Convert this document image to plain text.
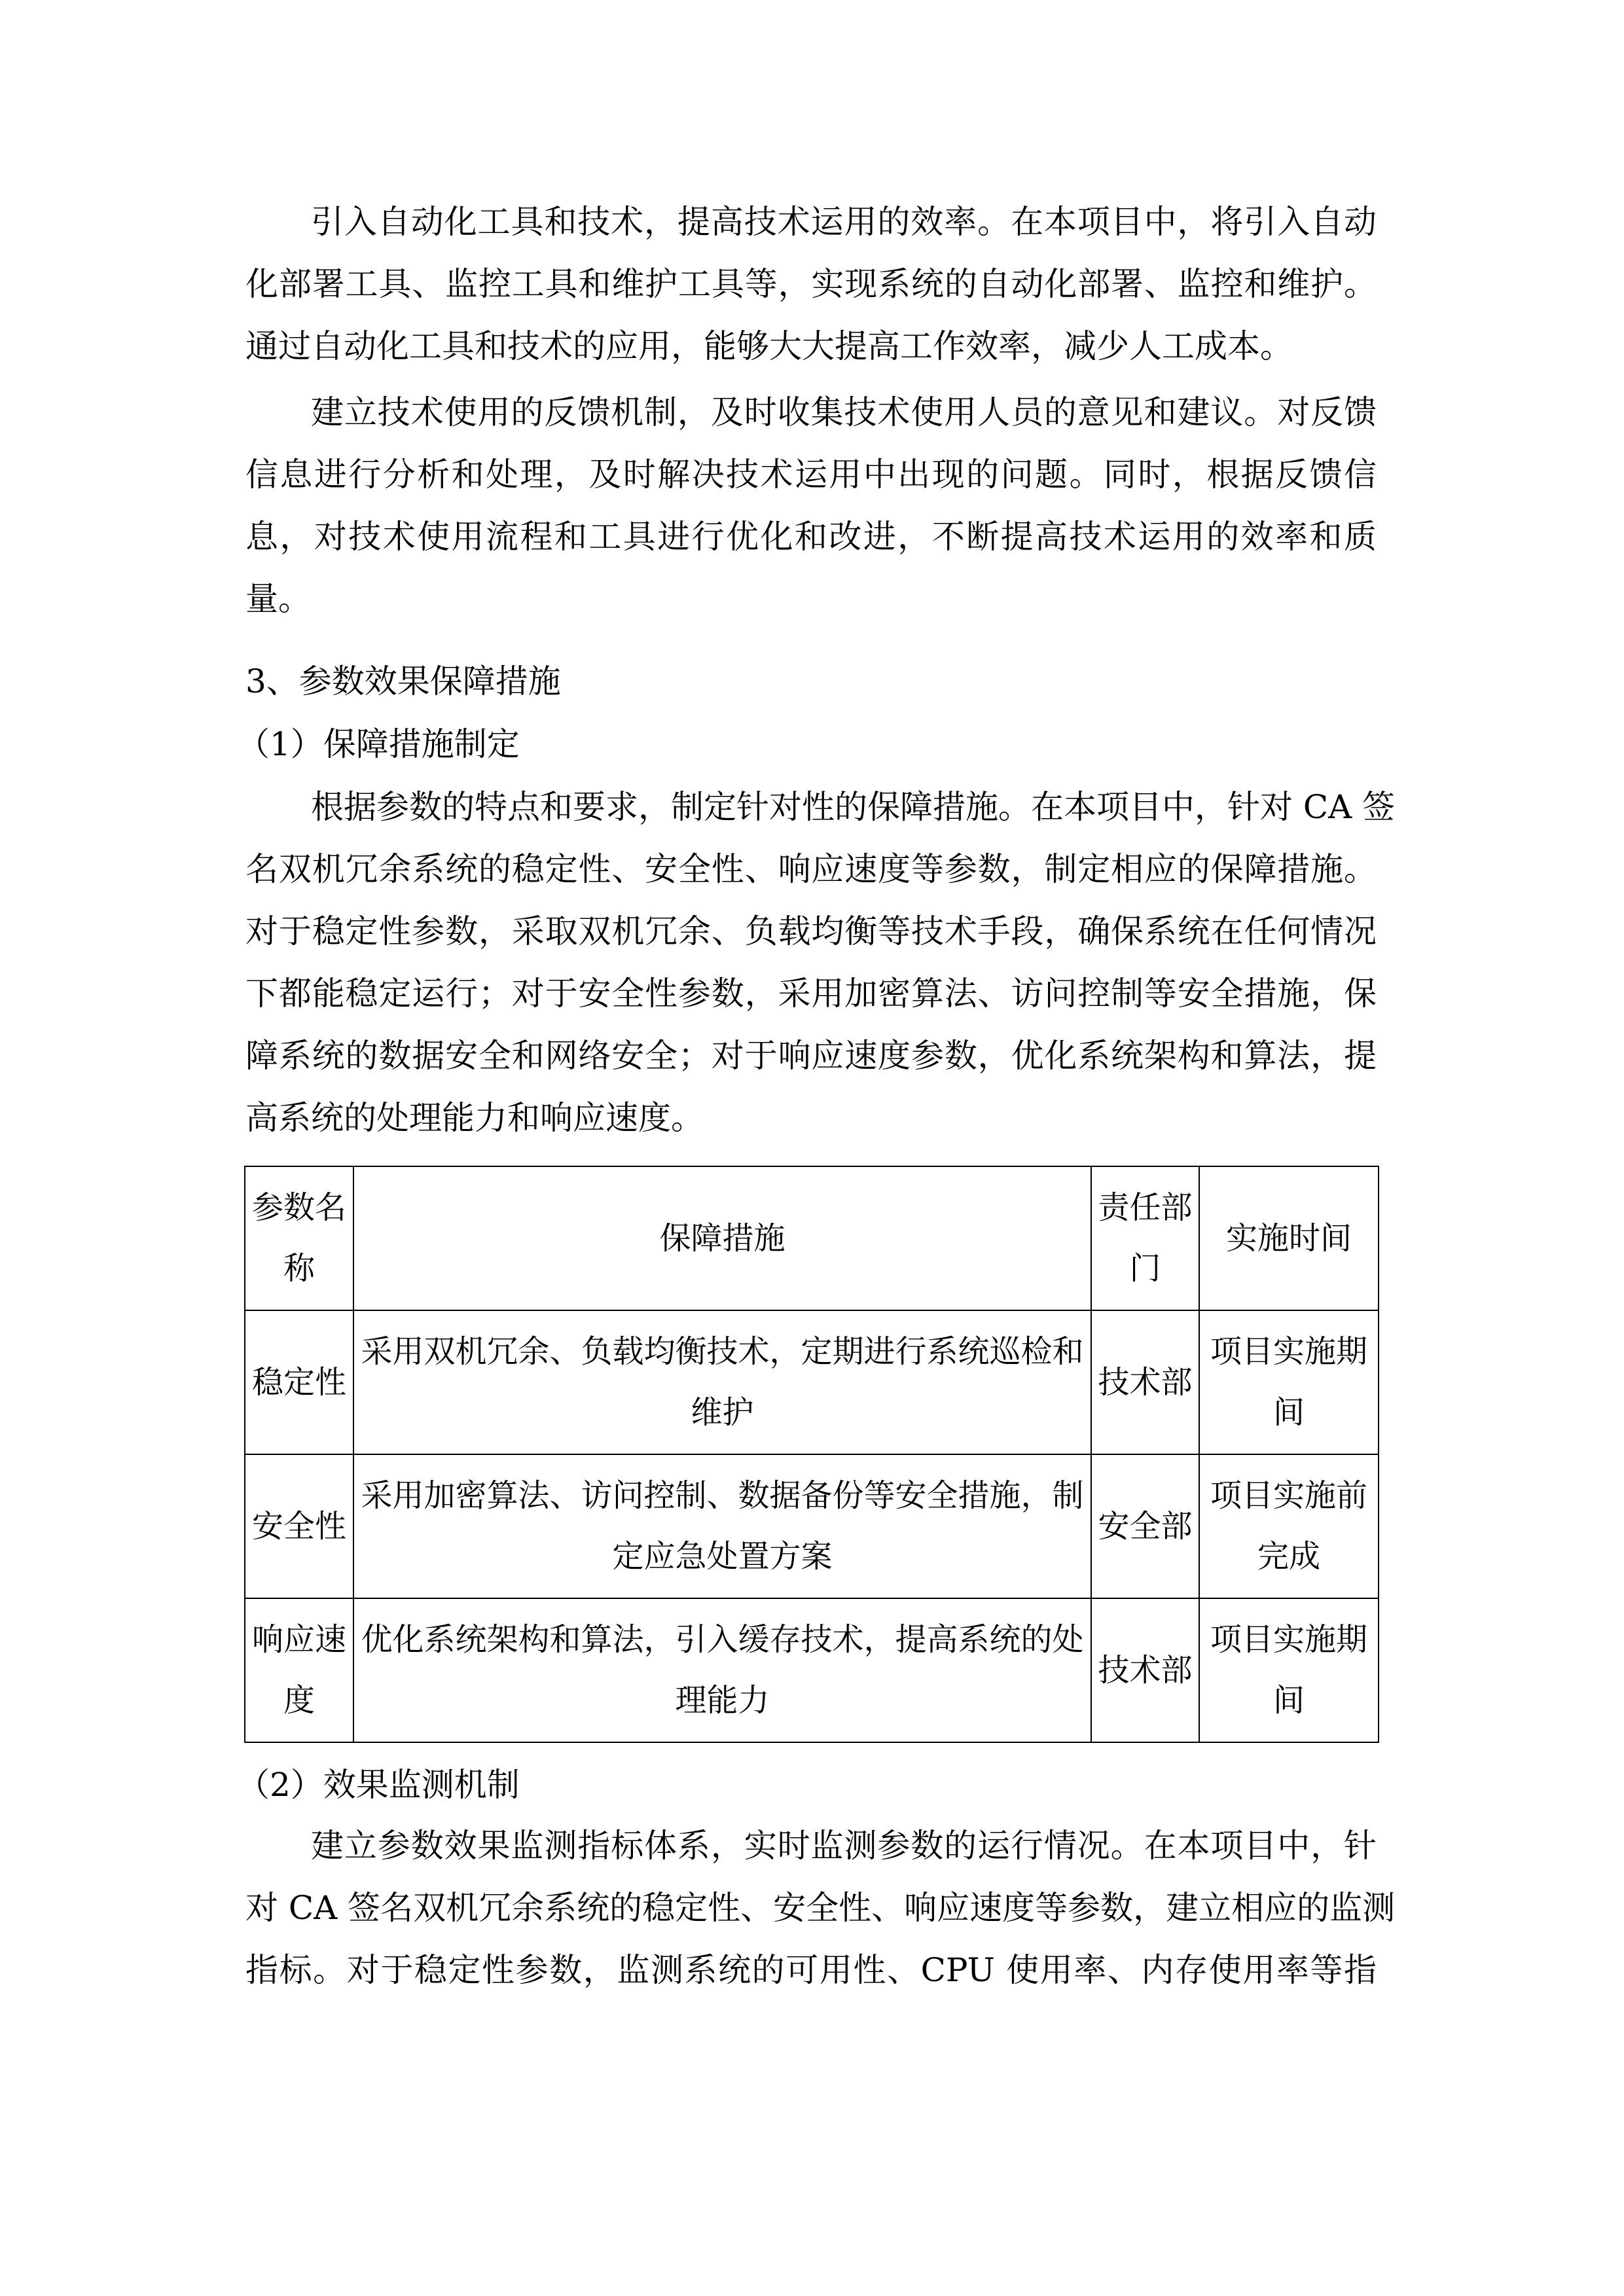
引入自动化工具和技术，提高技术运用的效率。在本项目中，将引入自动
化部署工具、监控工具和维护工具等，实现系统的自动化部署、监控和维护。
通过自动化工具和技术的应用，能够大大提高工作效率，减少人工成本。
建立技术使用的反馈机制，及时收集技术使用人员的意见和建议。对反馈
信息进行分析和处理，及时解决技术运用中出现的问题。同时，根据反馈信
息，对技术使用流程和工具进行优化和改进，不断提高技术运用的效率和质
量。
3、参数效果保障措施
（1）保障措施制定
根据参数的特点和要求，制定针对性的保障措施。在本项目中，针对 CA 签
名双机冗余系统的稳定性、安全性、响应速度等参数，制定相应的保障措施。
对于稳定性参数，采取双机冗余、负载均衡等技术手段，确保系统在任何情况
下都能稳定运行；对于安全性参数，采用加密算法、访问控制等安全措施，保
障系统的数据安全和网络安全；对于响应速度参数，优化系统架构和算法，提
高系统的处理能力和响应速度。
参数名称	保障措施	责任部门	实施时间
稳定性	采用双机冗余、负载均衡技术，定期进行系统巡检和维护	技术部	项目实施期间
安全性	采用加密算法、访问控制、数据备份等安全措施，制定应急处置方案	安全部	项目实施前完成
响应速度	优化系统架构和算法，引入缓存技术，提高系统的处理能力	技术部	项目实施期间
（2）效果监测机制
建立参数效果监测指标体系，实时监测参数的运行情况。在本项目中，针
对 CA 签名双机冗余系统的稳定性、安全性、响应速度等参数，建立相应的监测
指标。对于稳定性参数，监测系统的可用性、CPU 使用率、内存使用率等指
